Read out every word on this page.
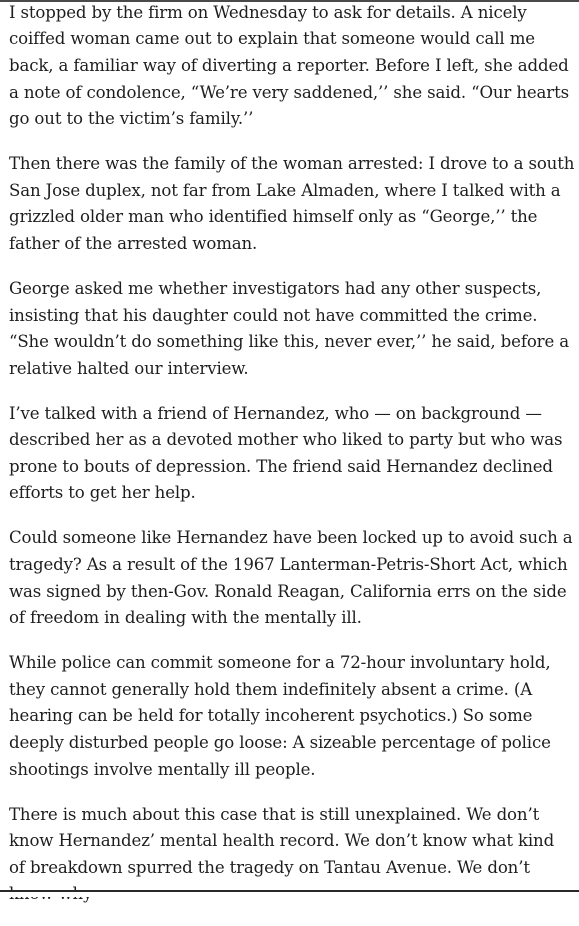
I stopped by the firm on Wednesday to ask for details. A nicely coiffed woman came out to explain that someone would call me back, a familiar way of diverting a reporter. Before I left, she added a note of condolence, “We’re very saddened,’’ she said. “Our hearts go out to the victim’s family.’’

Then there was the family of the woman arrested: I drove to a south San Jose duplex, not far from Lake Almaden, where I talked with a grizzled older man who identified himself only as “George,’’ the father of the arrested woman.

George asked me whether investigators had any other suspects, insisting that his daughter could not have committed the crime. “She wouldn’t do something like this, never ever,’’ he said, before a relative halted our interview.

I’ve talked with a friend of Hernandez, who — on background — described her as a devoted mother who liked to party but who was prone to bouts of depression. The friend said Hernandez declined efforts to get her help.

Could someone like Hernandez have been locked up to avoid such a tragedy? As a result of the 1967 Lanterman-Petris-Short Act, which was signed by then-Gov. Ronald Reagan, California errs on the side of freedom in dealing with the mentally ill.

While police can commit someone for a 72-hour involuntary hold, they cannot generally hold them indefinitely absent a crime. (A hearing can be held for totally incoherent psychotics.) So some deeply disturbed people go loose: A sizeable percentage of police shootings involve mentally ill people.

There is much about this case that is still unexplained. We don’t know Hernandez’ mental health record. We don’t know what kind of breakdown spurred the tragedy on Tantau Avenue. We don’t
